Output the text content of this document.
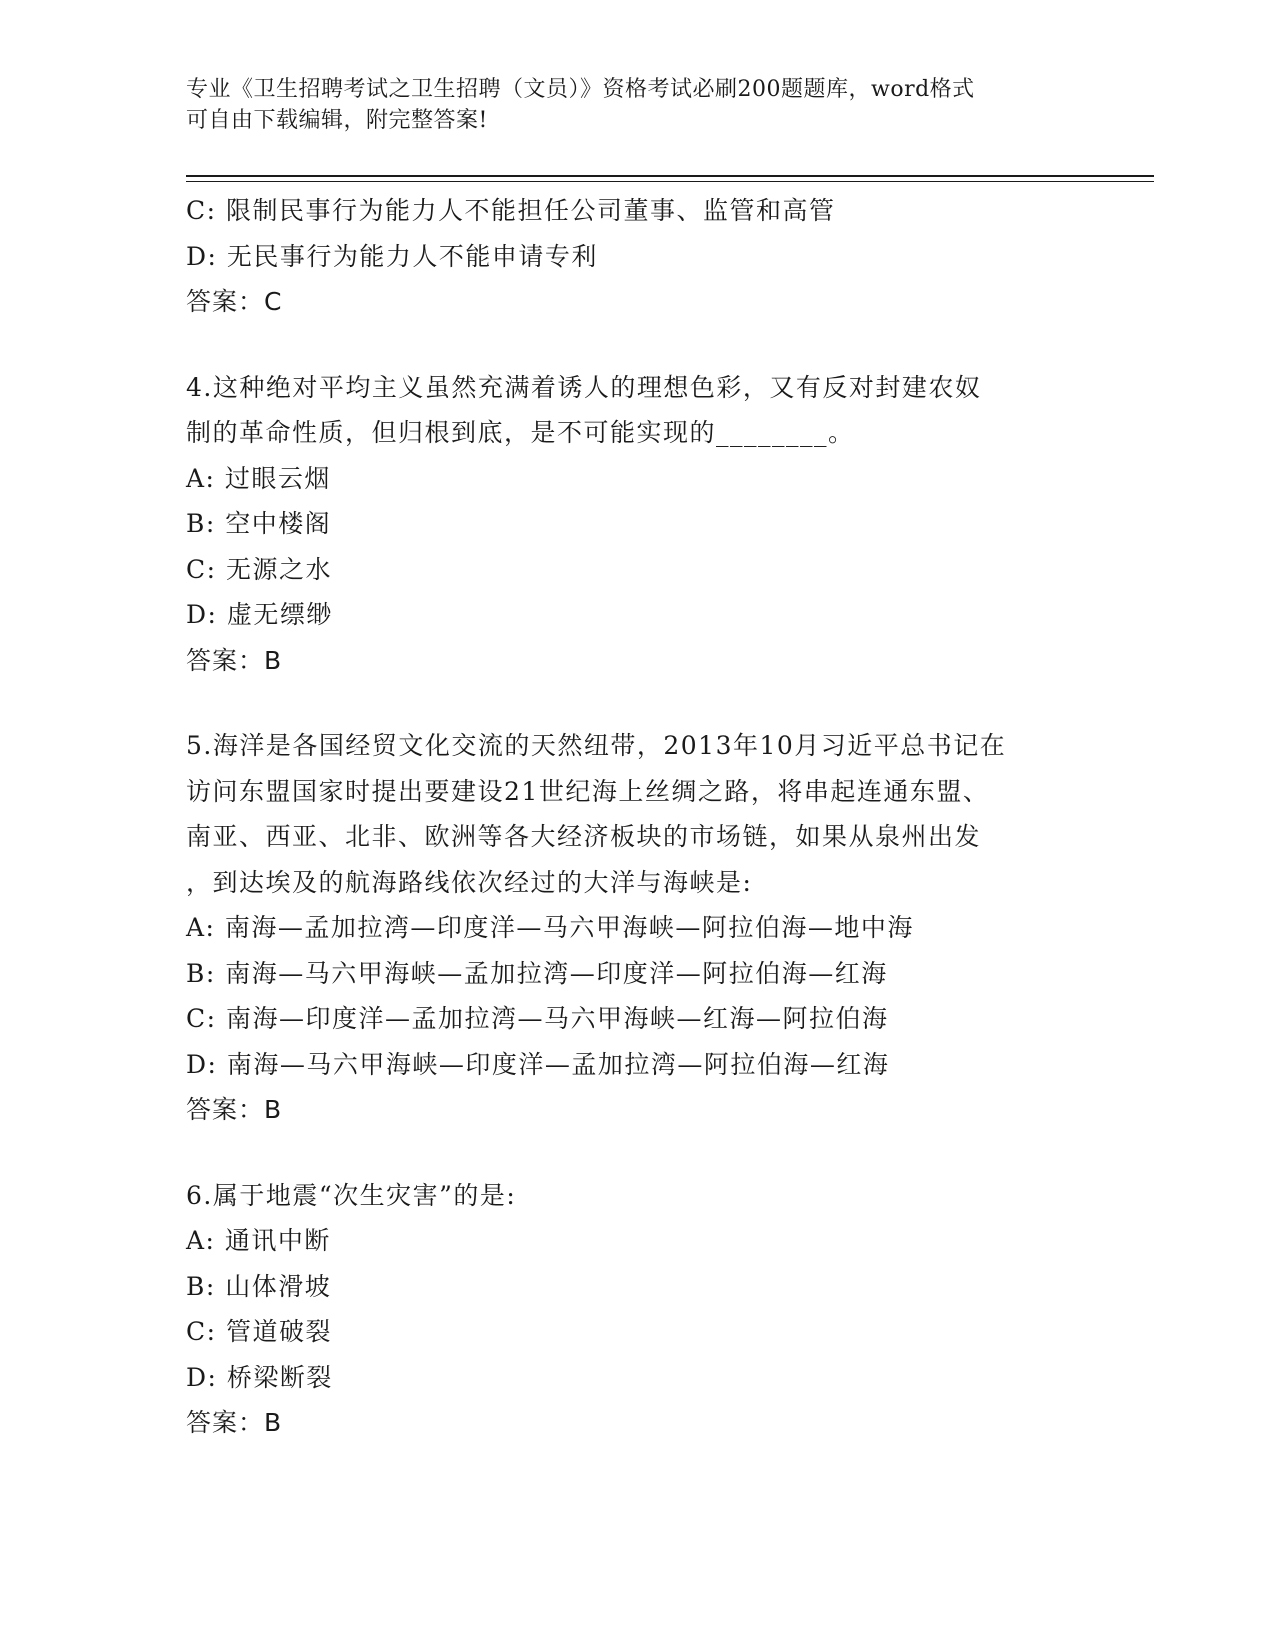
专业《卫生招聘考试之卫生招聘（文员）》资格考试必刷200题题库，word格式
可自由下载编辑，附完整答案!
C: 限制民事行为能力人不能担任公司董事、监管和高管
D: 无民事行为能力人不能申请专利
答案：C
4.这种绝对平均主义虽然充满着诱人的理想色彩，又有反对封建农奴
制的革命性质，但归根到底，是不可能实现的________。
A: 过眼云烟
B: 空中楼阁
C: 无源之水
D: 虚无缥缈
答案：B
5.海洋是各国经贸文化交流的天然纽带，2013年10月习近平总书记在
访问东盟国家时提出要建设21世纪海上丝绸之路，将串起连通东盟、
南亚、西亚、北非、欧洲等各大经济板块的市场链，如果从泉州出发
，到达埃及的航海路线依次经过的大洋与海峡是:
A: 南海—孟加拉湾—印度洋—马六甲海峡—阿拉伯海—地中海
B: 南海—马六甲海峡—孟加拉湾—印度洋—阿拉伯海—红海
C: 南海—印度洋—孟加拉湾—马六甲海峡—红海—阿拉伯海
D: 南海—马六甲海峡—印度洋—孟加拉湾—阿拉伯海—红海
答案：B
6.属于地震“次生灾害”的是:
A: 通讯中断
B: 山体滑坡
C: 管道破裂
D: 桥梁断裂
答案：B
